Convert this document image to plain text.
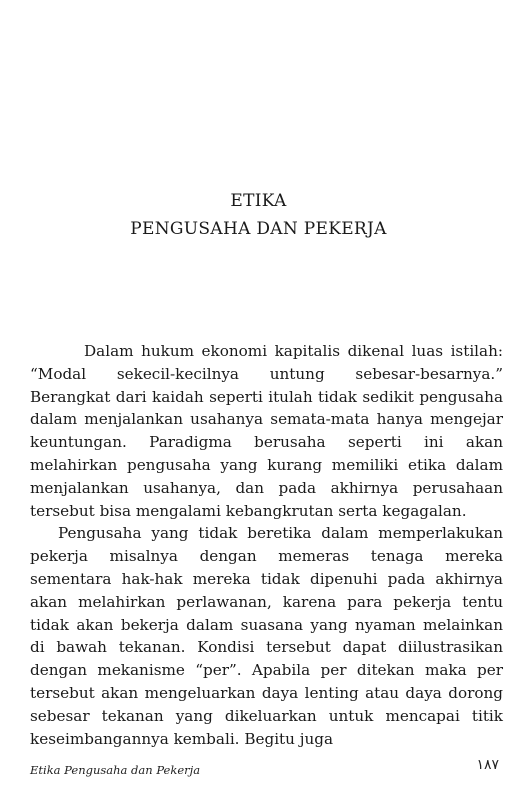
ETIKA
PENGUSAHA DAN PEKERJA

Dalam hukum ekonomi kapitalis dikenal luas istilah: “Modal sekecil-kecilnya untung sebesar-besarnya.” Berangkat dari kaidah seperti itulah tidak sedikit pengusaha dalam menjalankan usahanya semata-mata hanya mengejar keuntungan. Paradigma berusaha seperti ini akan melahirkan pengusaha yang kurang memiliki etika dalam menjalankan usahanya, dan pada akhirnya perusahaan tersebut bisa mengalami kebangkrutan serta kegagalan.

Pengusaha yang tidak beretika dalam memperlakukan pekerja misalnya dengan memeras tenaga mereka sementara hak-hak mereka tidak dipenuhi pada akhirnya akan melahirkan perlawanan, karena para pekerja tentu tidak akan bekerja dalam suasana yang nyaman melainkan di bawah tekanan. Kondisi tersebut dapat diilustrasikan dengan mekanisme “per”. Apabila per ditekan maka per tersebut akan mengeluarkan daya lenting atau daya dorong sebesar tekanan yang dikeluarkan untuk mencapai titik keseimbangannya kembali. Begitu juga

Etika Pengusaha dan Pekerja	١٨٧
